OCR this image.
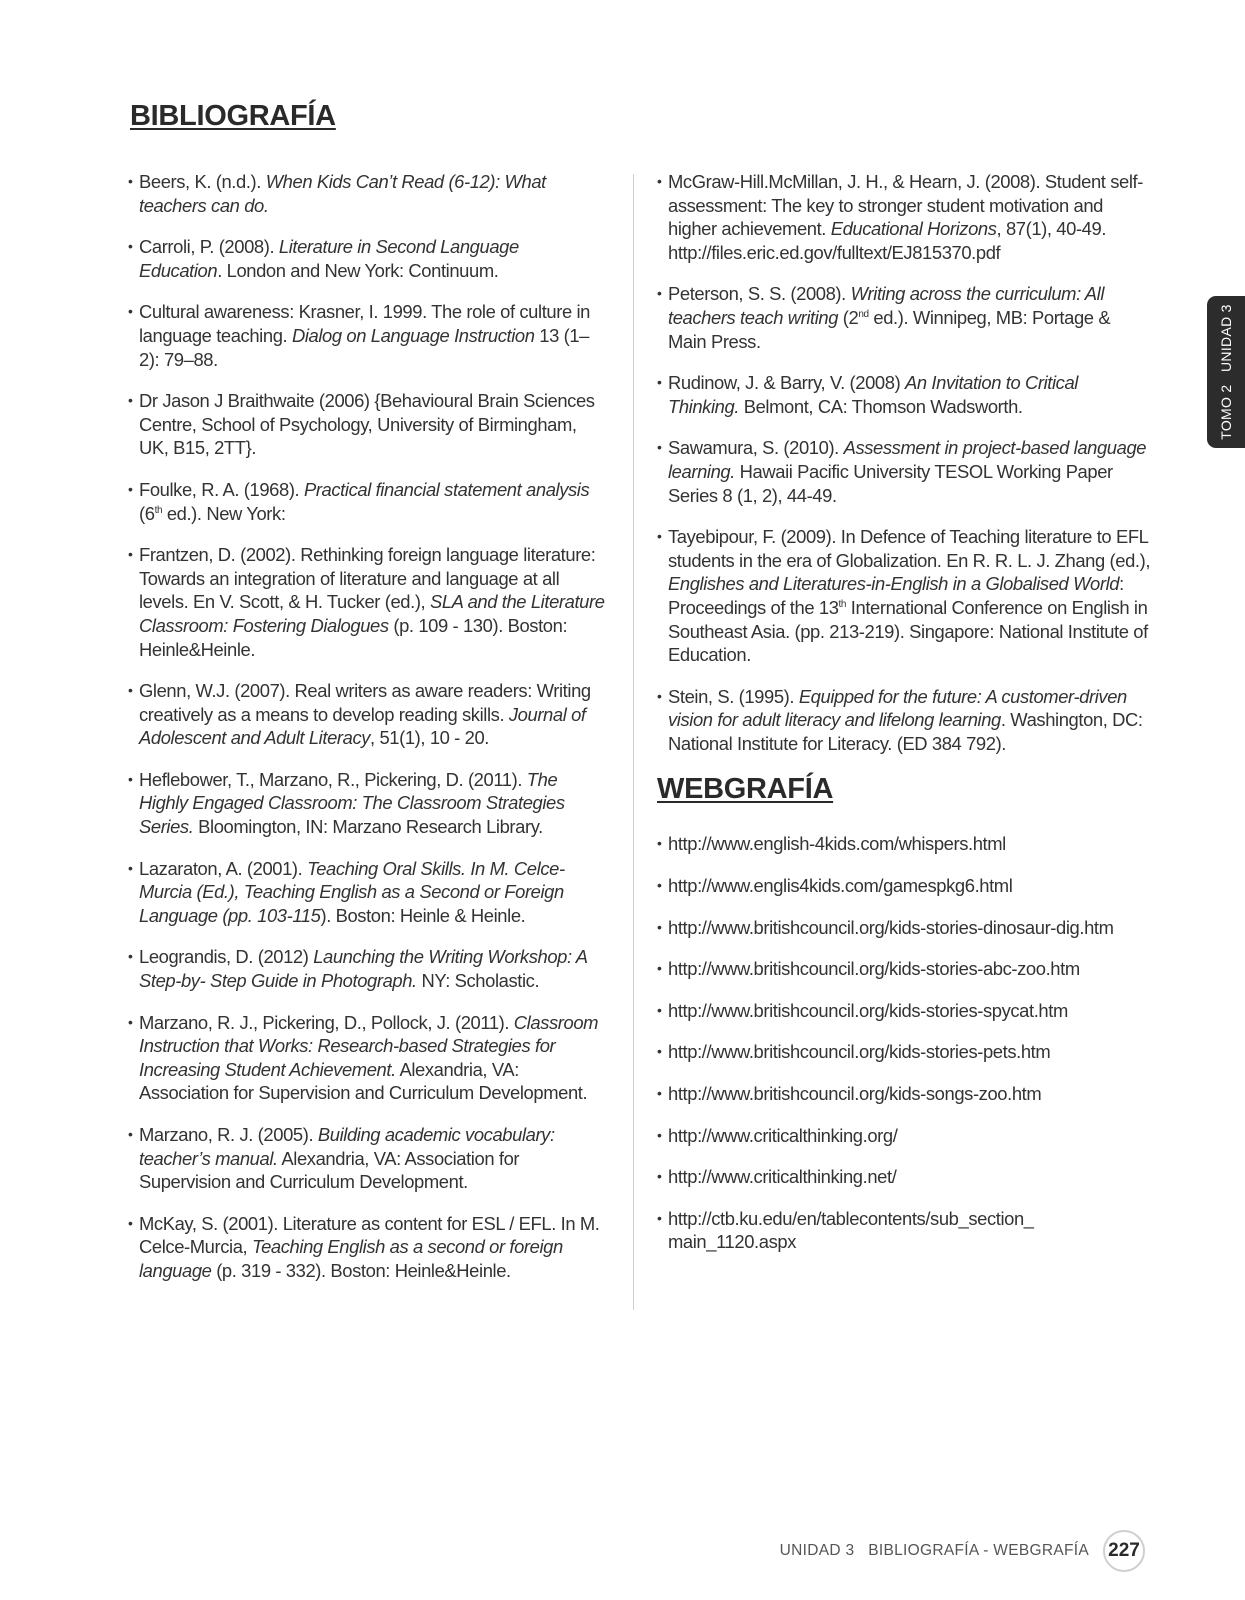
BIBLIOGRAFÍA
• Beers, K. (n.d.). When Kids Can’t Read (6-12): What teachers can do.
• Carroli, P. (2008). Literature in Second Language Education. London and New York: Continuum.
• Cultural awareness: Krasner, I. 1999. The role of culture in language teaching. Dialog on Language Instruction 13 (1–2): 79–88.
• Dr Jason J Braithwaite (2006) {Behavioural Brain Sciences Centre, School of Psychology, University of Birmingham, UK, B15, 2TT}.
• Foulke, R. A. (1968). Practical financial statement analysis (6th ed.). New York:
• Frantzen, D. (2002). Rethinking foreign language literature: Towards an integration of literature and language at all levels. En V. Scott, & H. Tucker (ed.), SLA and the Literature Classroom: Fostering Dialogues (p. 109 - 130). Boston: Heinle&Heinle.
• Glenn, W.J. (2007). Real writers as aware readers: Writing creatively as a means to develop reading skills. Journal of Adolescent and Adult Literacy, 51(1), 10 - 20.
• Heflebower, T., Marzano, R., Pickering, D. (2011). The Highly Engaged Classroom: The Classroom Strategies Series. Bloomington, IN: Marzano Research Library.
• Lazaraton, A. (2001). Teaching Oral Skills. In M. Celce-Murcia (Ed.), Teaching English as a Second or Foreign Language (pp. 103-115). Boston: Heinle & Heinle.
• Leograndis, D. (2012) Launching the Writing Workshop: A Step-by- Step Guide in Photograph. NY: Scholastic.
• Marzano, R. J., Pickering, D., Pollock, J. (2011). Classroom Instruction that Works: Research-based Strategies for Increasing Student Achievement. Alexandria, VA: Association for Supervision and Curriculum Development.
• Marzano, R. J. (2005). Building academic vocabulary: teacher’s manual. Alexandria, VA: Association for Supervision and Curriculum Development.
• McKay, S. (2001). Literature as content for ESL / EFL. In M. Celce-Murcia, Teaching English as a second or foreign language (p. 319 - 332). Boston: Heinle&Heinle.
• McGraw-Hill.McMillan, J. H., & Hearn, J. (2008). Student self-assessment: The key to stronger student motivation and higher achievement. Educational Horizons, 87(1), 40-49. http://files.eric.ed.gov/fulltext/EJ815370.pdf
• Peterson, S. S. (2008). Writing across the curriculum: All teachers teach writing (2nd ed.). Winnipeg, MB: Portage & Main Press.
• Rudinow, J. & Barry, V. (2008) An Invitation to Critical Thinking. Belmont, CA: Thomson Wadsworth.
• Sawamura, S. (2010). Assessment in project-based language learning. Hawaii Pacific University TESOL Working Paper Series 8 (1, 2), 44-49.
• Tayebipour, F. (2009). In Defence of Teaching literature to EFL students in the era of Globalization. En R. R. L. J. Zhang (ed.), Englishes and Literatures-in-English in a Globalised World: Proceedings of the 13th International Conference on English in Southeast Asia. (pp. 213-219). Singapore: National Institute of Education.
• Stein, S. (1995). Equipped for the future: A customer-driven vision for adult literacy and lifelong learning. Washington, DC: National Institute for Literacy. (ED 384 792).
WEBGRAFÍA
• http://www.english-4kids.com/whispers.html
• http://www.englis4kids.com/gamespkg6.html
• http://www.britishcouncil.org/kids-stories-dinosaur-dig.htm
• http://www.britishcouncil.org/kids-stories-abc-zoo.htm
• http://www.britishcouncil.org/kids-stories-spycat.htm
• http://www.britishcouncil.org/kids-stories-pets.htm
• http://www.britishcouncil.org/kids-songs-zoo.htm
• http://www.criticalthinking.org/
• http://www.criticalthinking.net/
• http://ctb.ku.edu/en/tablecontents/sub_section_ main_1120.aspx
TOMO 2   UNIDAD 3
UNIDAD 3   BIBLIOGRAFÍA - WEBGRAFÍA 227
